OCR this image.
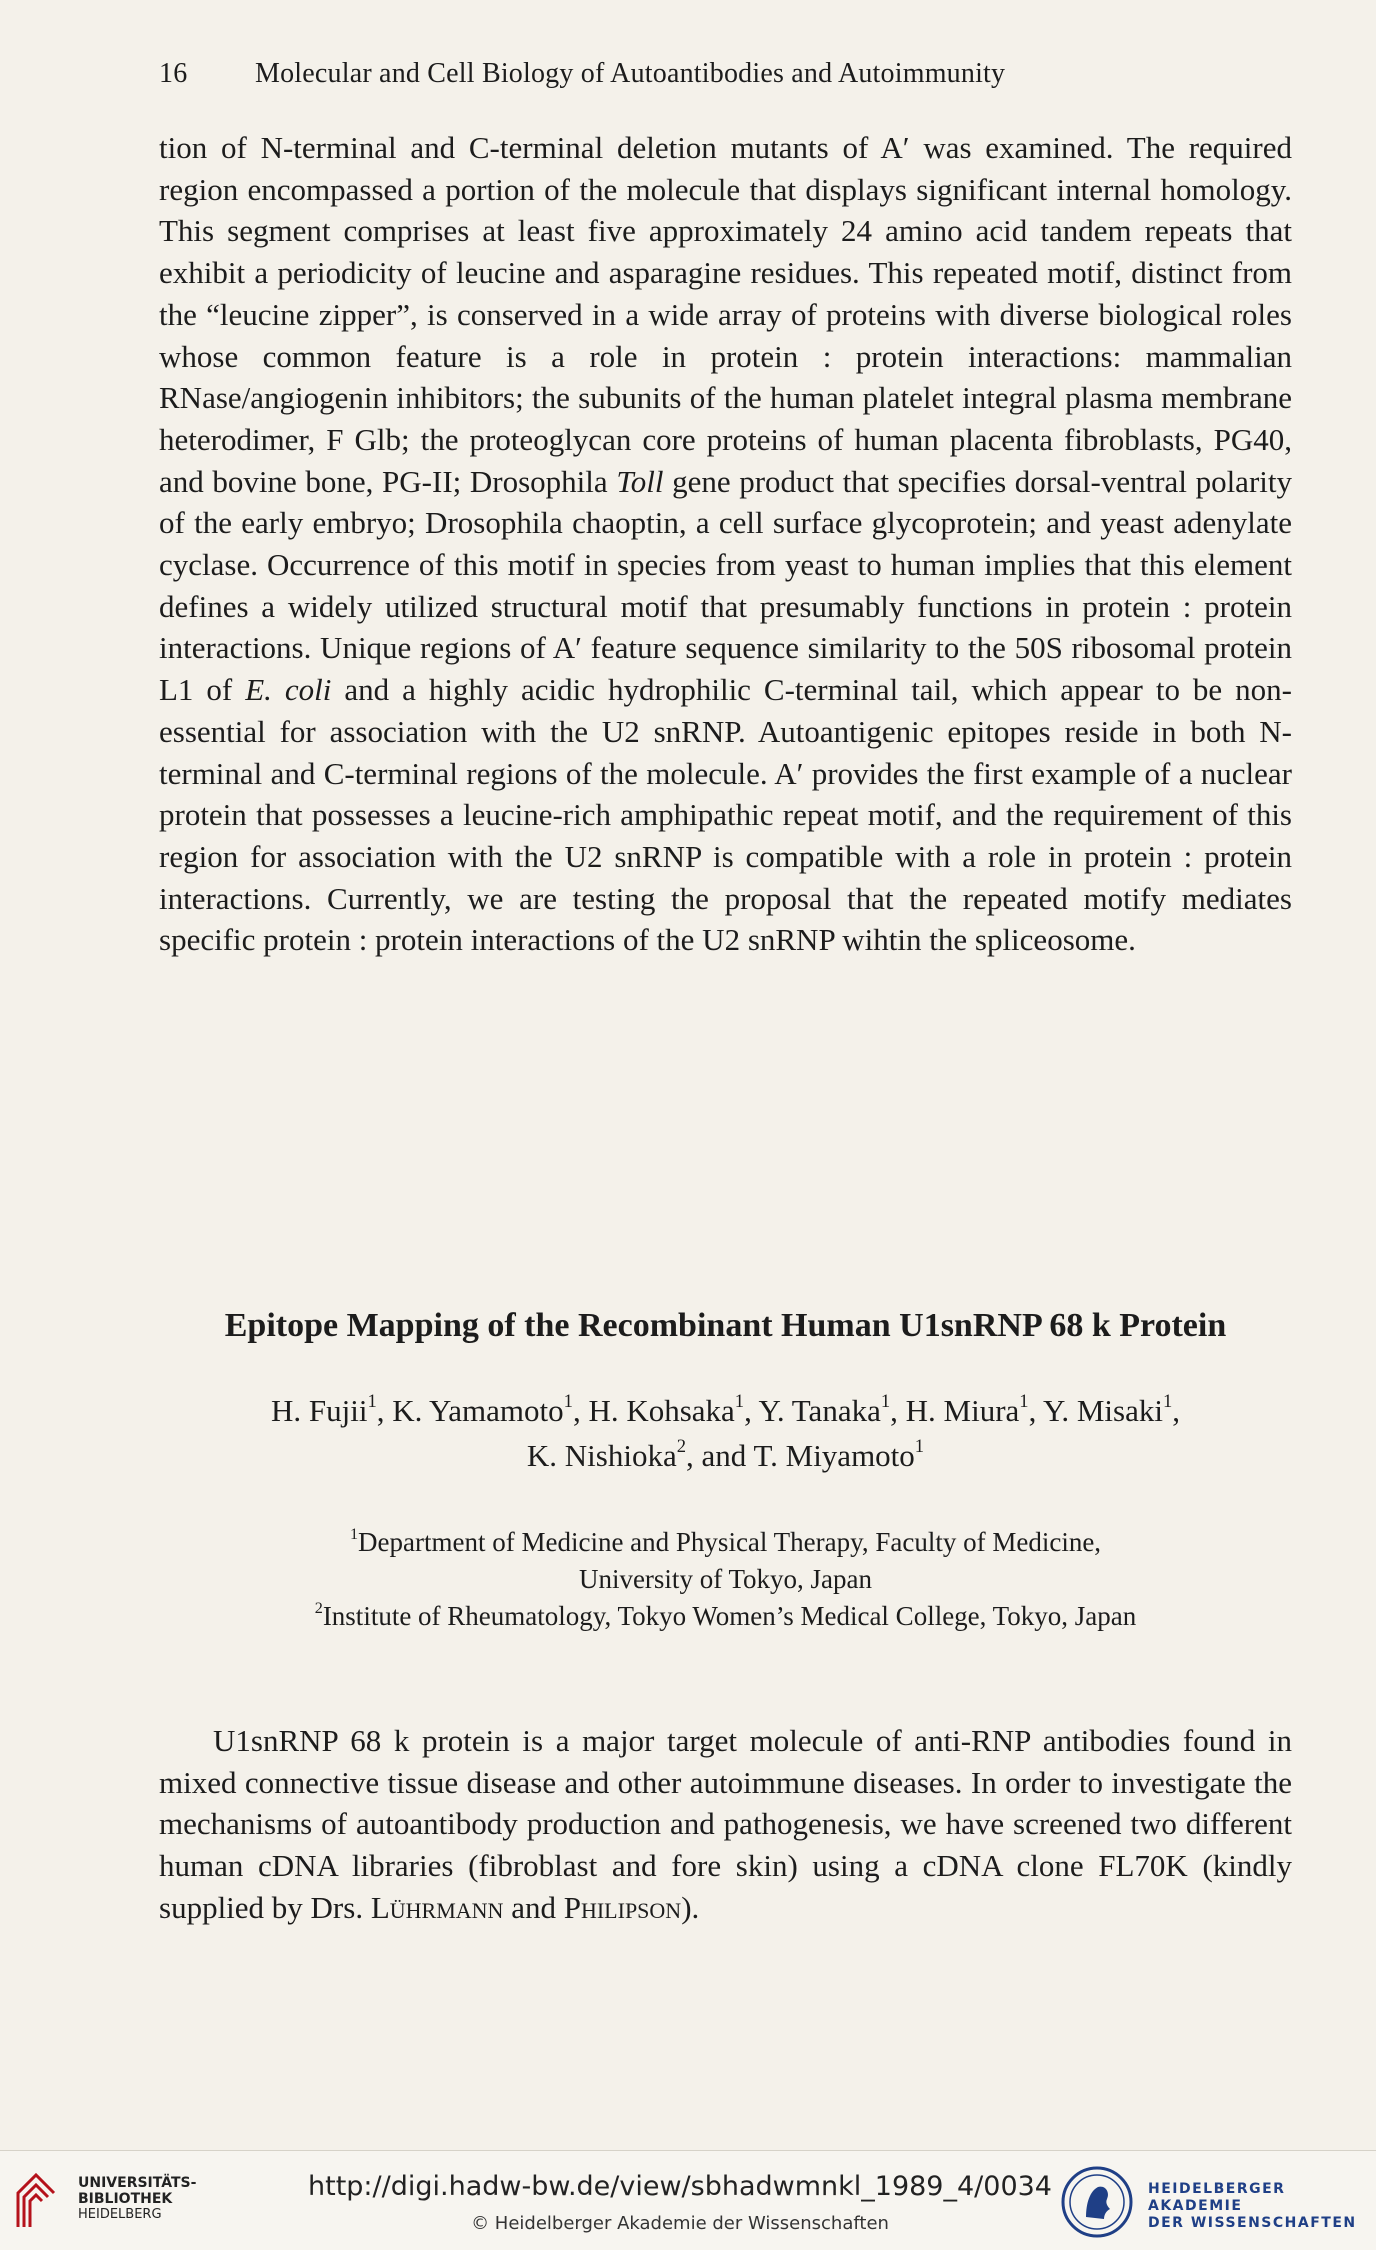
16 Molecular and Cell Biology of Autoantibodies and Autoimmunity

tion of N-terminal and C-terminal deletion mutants of A′ was examined. The required region encompassed a portion of the molecule that displays significant internal homology. This segment comprises at least five approximately 24 amino acid tandem repeats that exhibit a periodicity of leucine and asparagine residues. This repeated motif, distinct from the “leucine zipper”, is conserved in a wide array of proteins with diverse biological roles whose common feature is a role in protein : protein interactions: mammalian RNase/angiogenin inhibitors; the subunits of the human platelet integral plasma membrane heterodimer, F Glb; the proteoglycan core proteins of human placenta fibroblasts, PG40, and bovine bone, PG-II; Drosophila Toll gene product that specifies dorsal-ventral polarity of the early embryo; Drosophila chaoptin, a cell surface glycoprotein; and yeast adenylate cyclase. Occurrence of this motif in species from yeast to human implies that this element defines a widely utilized structural motif that presumably functions in protein : protein interactions. Unique regions of A′ feature sequence similarity to the 50S ribosomal protein L1 of E. coli and a highly acidic hydrophilic C-terminal tail, which appear to be non-essential for association with the U2 snRNP. Autoantigenic epitopes reside in both N-terminal and C-terminal regions of the molecule. A′ provides the first example of a nuclear protein that possesses a leucine-rich amphipathic repeat motif, and the requirement of this region for association with the U2 snRNP is compatible with a role in protein : protein interactions. Currently, we are testing the proposal that the repeated motify mediates specific protein : protein interactions of the U2 snRNP wihtin the spliceosome.

Epitope Mapping of the Recombinant Human U1snRNP 68 k Protein
H. Fujii$^1$, K. Yamamoto$^1$, H. Kohsaka$^1$, Y. Tanaka$^1$, H. Miura$^1$, Y. Misaki$^1$,
K. Nishioka$^2$, and T. Miyamoto$^1$
$^1$Department of Medicine and Physical Therapy, Faculty of Medicine,
University of Tokyo, Japan
$^2$Institute of Rheumatology, Tokyo Women’s Medical College, Tokyo, Japan

U1snRNP 68 k protein is a major target molecule of anti-RNP antibodies found in mixed connective tissue disease and other autoimmune diseases. In order to investigate the mechanisms of autoantibody production and pathogenesis, we have screened two different human cDNA libraries (fibroblast and fore skin) using a cDNA clone FL70K (kindly supplied by Drs. Lührmann and Philipson).

UNIVERSITÄTS-
BIBLIOTHEK
HEIDELBERG
http://digi.hadw-bw.de/view/sbhadwmnkl_1989_4/0034
© Heidelberger Akademie der Wissenschaften
HEIDELBERGER AKADEMIE
DER WISSENSCHAFTEN
